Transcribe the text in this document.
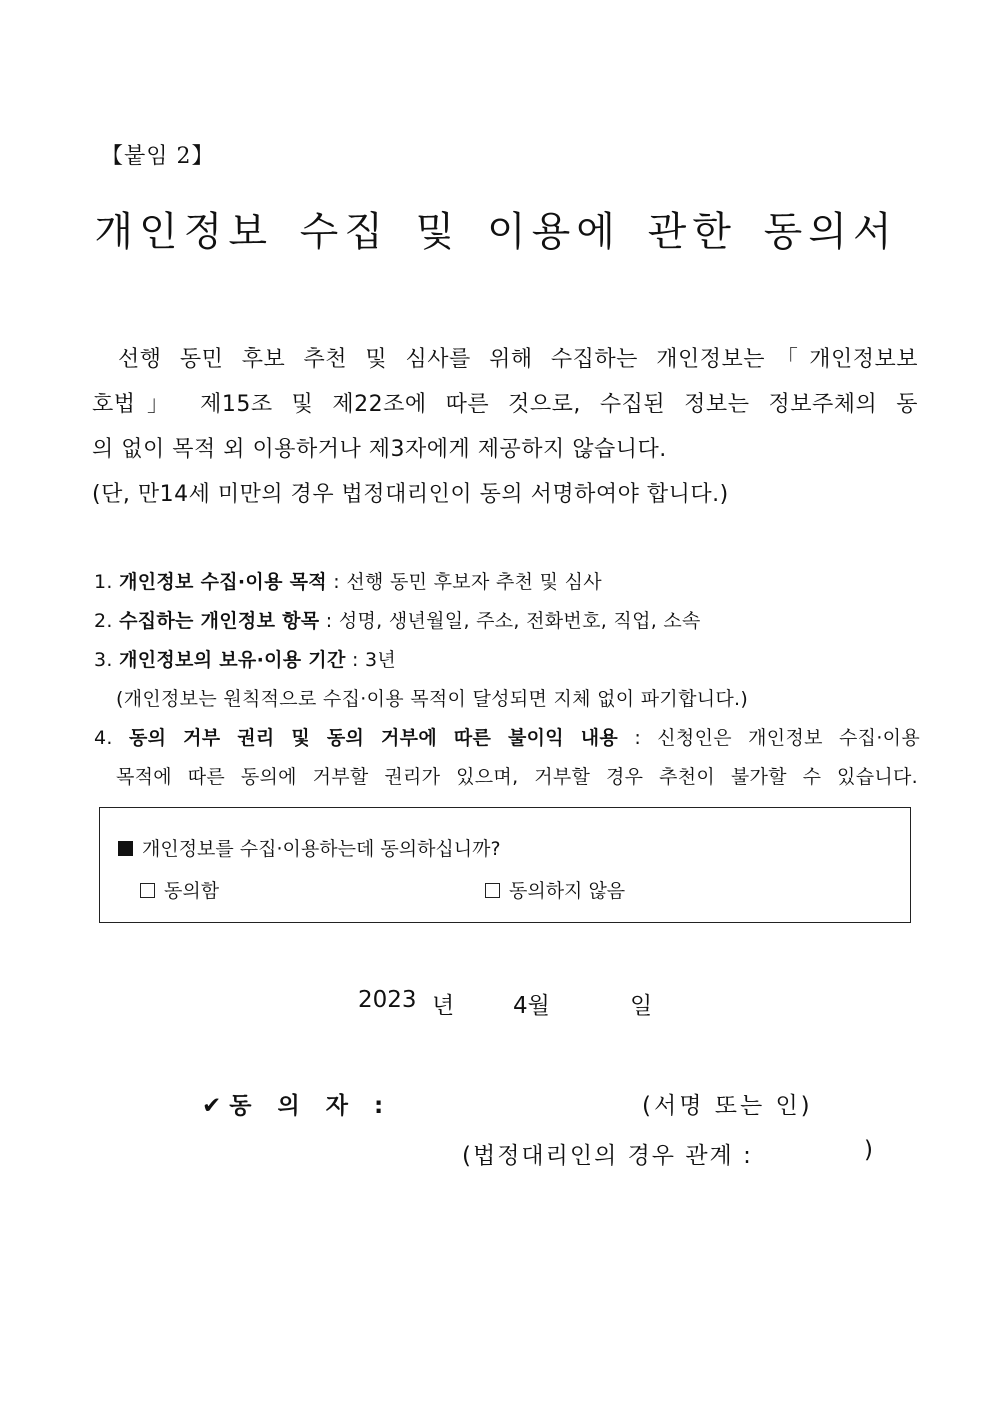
【붙임 2】
개인정보 수집 및 이용에 관한 동의서

선행 동민 후보 추천 및 심사를 위해 수집하는 개인정보는「개인정보보

호법」 제15조 및 제22조에 따른 것으로, 수집된 정보는 정보주체의 동

의 없이 목적 외 이용하거나 제3자에게 제공하지 않습니다.

(단, 만14세 미만의 경우 법정대리인이 동의 서명하여야 합니다.)

1. 개인정보 수집·이용 목적 : 선행 동민 후보자 추천 및 심사

2. 수집하는 개인정보 항목 : 성명, 생년월일, 주소, 전화번호, 직업, 소속

3. 개인정보의 보유·이용 기간 : 3년

(개인정보는 원칙적으로 수집·이용 목적이 달성되면 지체 없이 파기합니다.)

4. 동의 거부 권리 및 동의 거부에 따른 불이익 내용 : 신청인은 개인정보 수집·이용

목적에 따른 동의에 거부할 권리가 있으며, 거부할 경우 추천이 불가할 수 있습니다.

개인정보를 수집·이용하는데 동의하십니까?
동의함	동의하지 않음
2023 년	4월	일
✔ 동 의 자 :	(서명 또는 인)
(법정대리인의 경우 관계 :	)
